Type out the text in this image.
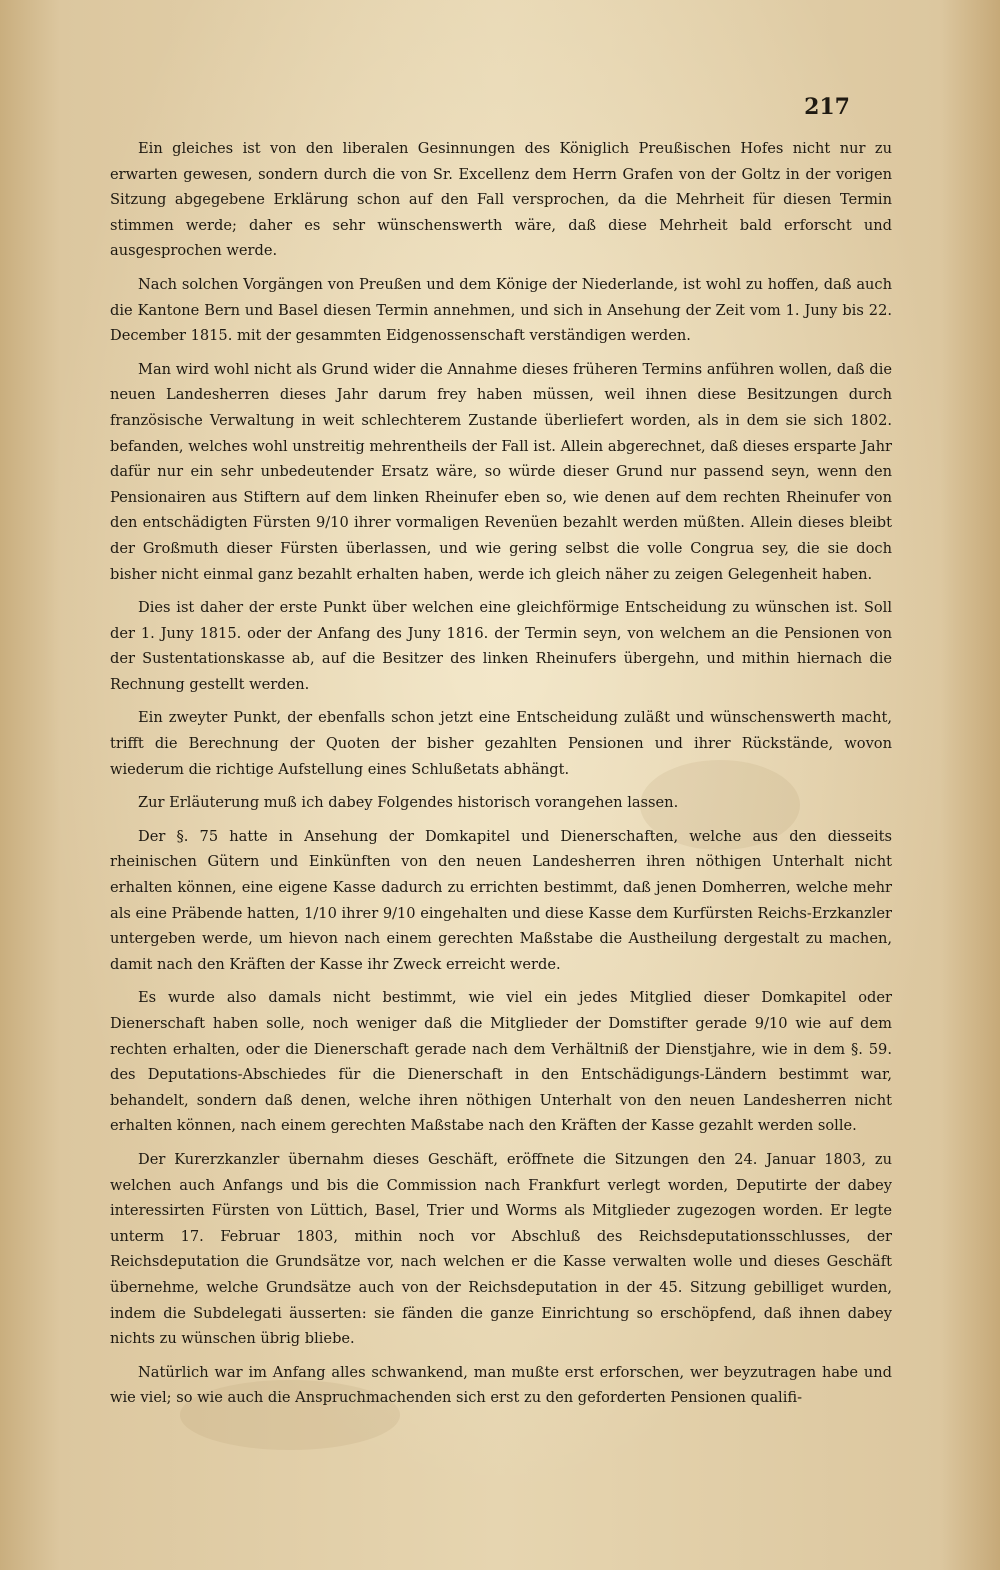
217

Ein gleiches ist von den liberalen Gesinnungen des Königlich Preußischen Hofes nicht nur zu erwarten gewesen, sondern durch die von Sr. Excellenz dem Herrn Grafen von der Goltz in der vorigen Sitzung abgegebene Erklärung schon auf den Fall versprochen, da die Mehrheit für diesen Termin stimmen werde; daher es sehr wünschenswerth wäre, daß diese Mehrheit bald erforscht und ausgesprochen werde.

Nach solchen Vorgängen von Preußen und dem Könige der Niederlande, ist wohl zu hoffen, daß auch die Kantone Bern und Basel diesen Termin annehmen, und sich in Ansehung der Zeit vom 1. Juny bis 22. December 1815. mit der gesammten Eidgenossenschaft verständigen werden.

Man wird wohl nicht als Grund wider die Annahme dieses früheren Termins anführen wollen, daß die neuen Landesherren dieses Jahr darum frey haben müssen, weil ihnen diese Besitzungen durch französische Verwaltung in weit schlechterem Zustande überliefert worden, als in dem sie sich 1802. befanden, welches wohl unstreitig mehrentheils der Fall ist. Allein abgerechnet, daß dieses ersparte Jahr dafür nur ein sehr unbedeutender Ersatz wäre, so würde dieser Grund nur passend seyn, wenn den Pensionairen aus Stiftern auf dem linken Rheinufer eben so, wie denen auf dem rechten Rheinufer von den entschädigten Fürsten 9/10 ihrer vormaligen Revenüen bezahlt werden müßten. Allein dieses bleibt der Großmuth dieser Fürsten überlassen, und wie gering selbst die volle Congrua sey, die sie doch bisher nicht einmal ganz bezahlt erhalten haben, werde ich gleich näher zu zeigen Gelegenheit haben.

Dies ist daher der erste Punkt über welchen eine gleichförmige Entscheidung zu wünschen ist. Soll der 1. Juny 1815. oder der Anfang des Juny 1816. der Termin seyn, von welchem an die Pensionen von der Sustentationskasse ab, auf die Besitzer des linken Rheinufers übergehn, und mithin hiernach die Rechnung gestellt werden.

Ein zweyter Punkt, der ebenfalls schon jetzt eine Entscheidung zuläßt und wünschenswerth macht, trifft die Berechnung der Quoten der bisher gezahlten Pensionen und ihrer Rückstände, wovon wiederum die richtige Aufstellung eines Schlußetats abhängt.

Zur Erläuterung muß ich dabey Folgendes historisch vorangehen lassen.

Der §. 75 hatte in Ansehung der Domkapitel und Dienerschaften, welche aus den diesseits rheinischen Gütern und Einkünften von den neuen Landesherren ihren nöthigen Unterhalt nicht erhalten können, eine eigene Kasse dadurch zu errichten bestimmt, daß jenen Domherren, welche mehr als eine Präbende hatten, 1/10 ihrer 9/10 eingehalten und diese Kasse dem Kurfürsten Reichs-Erzkanzler untergeben werde, um hievon nach einem gerechten Maßstabe die Austheilung dergestalt zu machen, damit nach den Kräften der Kasse ihr Zweck erreicht werde.

Es wurde also damals nicht bestimmt, wie viel ein jedes Mitglied dieser Domkapitel oder Dienerschaft haben solle, noch weniger daß die Mitglieder der Domstifter gerade 9/10 wie auf dem rechten erhalten, oder die Dienerschaft gerade nach dem Verhältniß der Dienstjahre, wie in dem §. 59. des Deputations-Abschiedes für die Dienerschaft in den Entschädigungs-Ländern bestimmt war, behandelt, sondern daß denen, welche ihren nöthigen Unterhalt von den neuen Landesherren nicht erhalten können, nach einem gerechten Maßstabe nach den Kräften der Kasse gezahlt werden solle.

Der Kurerzkanzler übernahm dieses Geschäft, eröffnete die Sitzungen den 24. Januar 1803, zu welchen auch Anfangs und bis die Commission nach Frankfurt verlegt worden, Deputirte der dabey interessirten Fürsten von Lüttich, Basel, Trier und Worms als Mitglieder zugezogen worden. Er legte unterm 17. Februar 1803, mithin noch vor Abschluß des Reichsdeputationsschlusses, der Reichsdeputation die Grundsätze vor, nach welchen er die Kasse verwalten wolle und dieses Geschäft übernehme, welche Grundsätze auch von der Reichsdeputation in der 45. Sitzung gebilliget wurden, indem die Subdelegati äusserten: sie fänden die ganze Einrichtung so erschöpfend, daß ihnen dabey nichts zu wünschen übrig bliebe.

Natürlich war im Anfang alles schwankend, man mußte erst erforschen, wer beyzutragen habe und wie viel; so wie auch die Anspruchmachenden sich erst zu den geforderten Pensionen qualifi-
